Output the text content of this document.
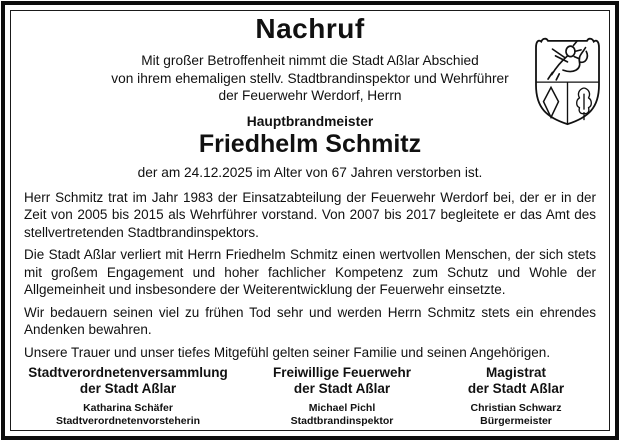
Nachruf
Mit großer Betroffenheit nimmt die Stadt Aßlar Abschied
von ihrem ehemaligen stellv. Stadtbrandinspektor und Wehrführer
der Feuerwehr Werdorf, Herrn
Hauptbrandmeister
Friedhelm Schmitz
der am 24.12.2025 im Alter von 67 Jahren verstorben ist.

Herr Schmitz trat im Jahr 1983 der Einsatzabteilung der Feuerwehr Werdorf bei, der er in der Zeit von 2005 bis 2015 als Wehrführer vorstand. Von 2007 bis 2017 begleitete er das Amt des stellvertretenden Stadtbrandinspektors.

Die Stadt Aßlar verliert mit Herrn Friedhelm Schmitz einen wertvollen Menschen, der sich stets mit großem Engagement und hoher fachlicher Kompetenz zum Schutz und Wohle der Allgemeinheit und insbesondere der Weiterentwicklung der Feuerwehr einsetzte.

Wir bedauern seinen viel zu frühen Tod sehr und werden Herrn Schmitz stets ein ehrendes Andenken bewahren.

Unsere Trauer und unser tiefes Mitgefühl gelten seiner Familie und seinen Angehörigen.

Stadtverordnetenversammlung
der Stadt Aßlar
Katharina Schäfer
Stadtverordnetenvorsteherin
Freiwillige Feuerwehr
der Stadt Aßlar
Michael Pichl
Stadtbrandinspektor
Magistrat
der Stadt Aßlar
Christian Schwarz
Bürgermeister
